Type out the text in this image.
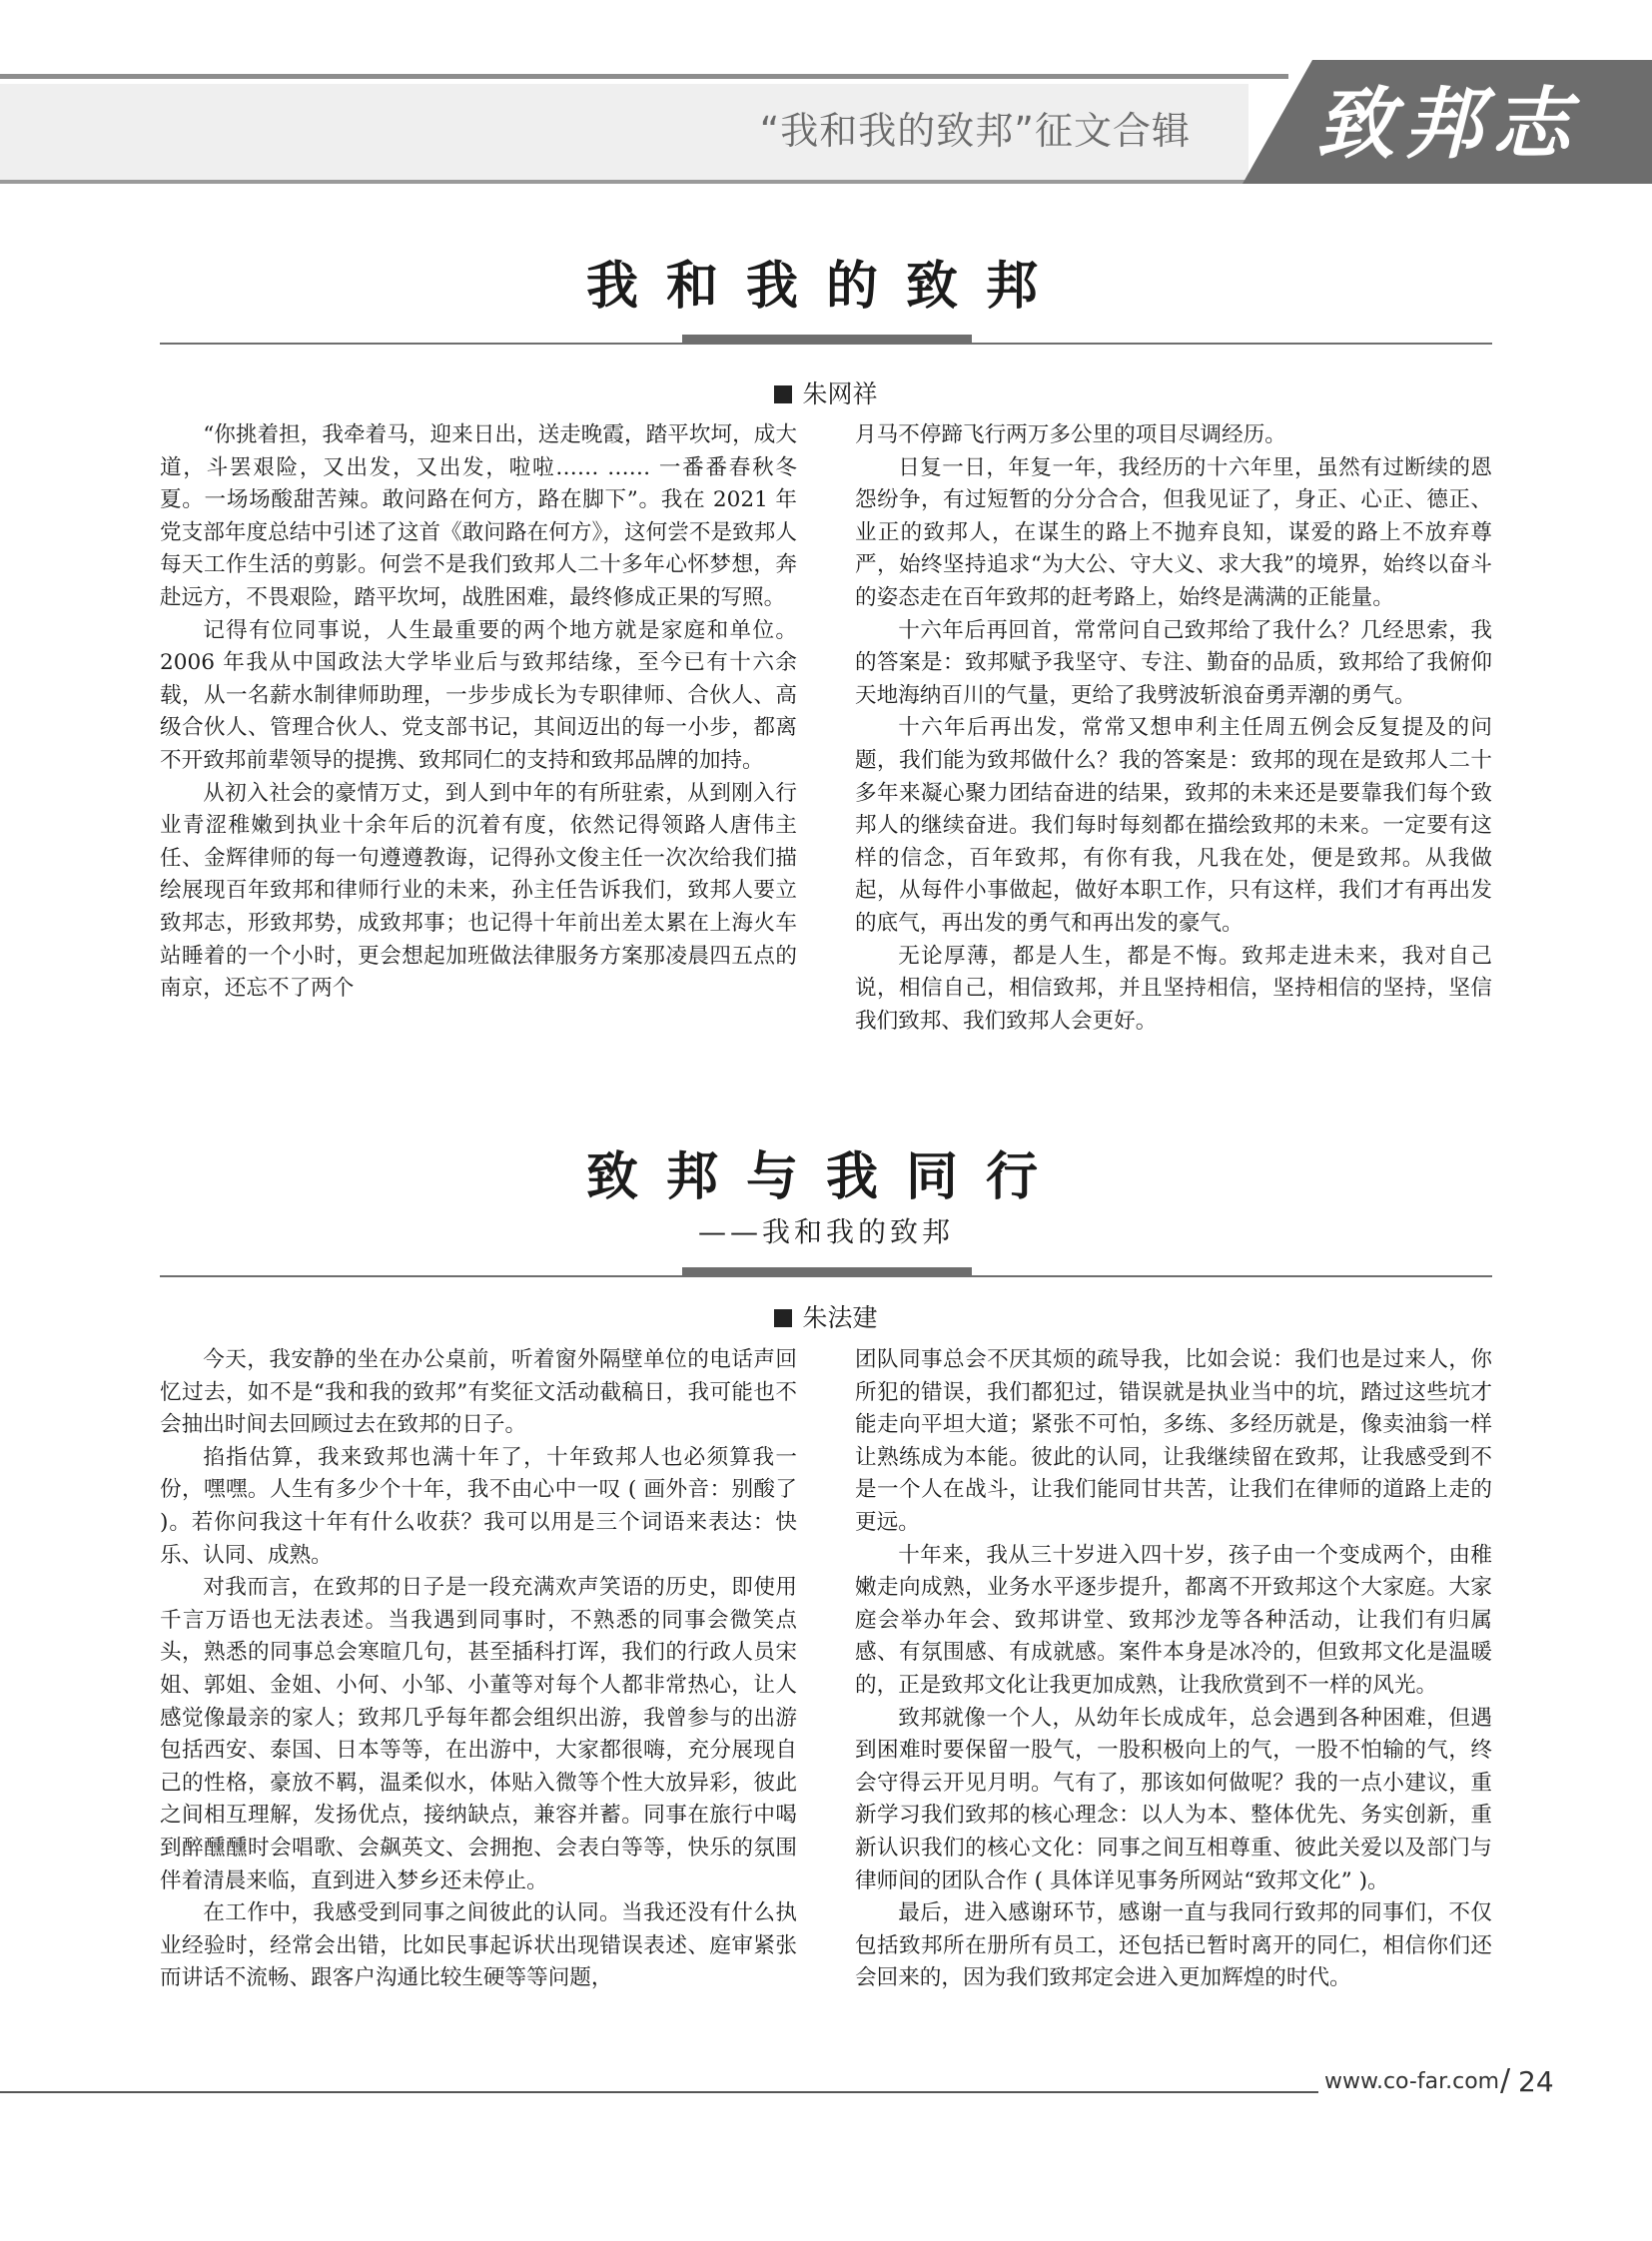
“我和我的致邦”征文合辑 致邦志
我和我的致邦
朱网祥

“你挑着担，我牵着马，迎来日出，送走晚霞，踏平坎坷，成大道，斗罢艰险，又出发，又出发，啦啦…… …… 一番番春秋冬夏。一场场酸甜苦辣。敢问路在何方，路在脚下”。我在 2021 年党支部年度总结中引述了这首《敢问路在何方》，这何尝不是致邦人每天工作生活的剪影。何尝不是我们致邦人二十多年心怀梦想，奔赴远方，不畏艰险，踏平坎坷，战胜困难，最终修成正果的写照。

记得有位同事说，人生最重要的两个地方就是家庭和单位。2006 年我从中国政法大学毕业后与致邦结缘，至今已有十六余载，从一名薪水制律师助理，一步步成长为专职律师、合伙人、高级合伙人、管理合伙人、党支部书记，其间迈出的每一小步，都离不开致邦前辈领导的提携、致邦同仁的支持和致邦品牌的加持。

从初入社会的豪情万丈，到人到中年的有所驻索，从到刚入行业青涩稚嫩到执业十余年后的沉着有度，依然记得领路人唐伟主任、金辉律师的每一句遵遵教诲，记得孙文俊主任一次次给我们描绘展现百年致邦和律师行业的未来，孙主任告诉我们，致邦人要立致邦志，形致邦势，成致邦事；也记得十年前出差太累在上海火车站睡着的一个小时，更会想起加班做法律服务方案那凌晨四五点的南京，还忘不了两个

月马不停蹄飞行两万多公里的项目尽调经历。

日复一日，年复一年，我经历的十六年里，虽然有过断续的恩怨纷争，有过短暂的分分合合，但我见证了，身正、心正、德正、业正的致邦人，在谋生的路上不抛弃良知，谋爱的路上不放弃尊严，始终坚持追求“为大公、守大义、求大我”的境界，始终以奋斗的姿态走在百年致邦的赶考路上，始终是满满的正能量。

十六年后再回首，常常问自己致邦给了我什么？几经思索，我的答案是：致邦赋予我坚守、专注、勤奋的品质，致邦给了我俯仰天地海纳百川的气量，更给了我劈波斩浪奋勇弄潮的勇气。

十六年后再出发，常常又想申利主任周五例会反复提及的问题，我们能为致邦做什么？我的答案是：致邦的现在是致邦人二十多年来凝心聚力团结奋进的结果，致邦的未来还是要靠我们每个致邦人的继续奋进。我们每时每刻都在描绘致邦的未来。一定要有这样的信念，百年致邦，有你有我，凡我在处，便是致邦。从我做起，从每件小事做起，做好本职工作，只有这样，我们才有再出发的底气，再出发的勇气和再出发的豪气。

无论厚薄，都是人生，都是不悔。致邦走进未来，我对自己说，相信自己，相信致邦，并且坚持相信，坚持相信的坚持，坚信我们致邦、我们致邦人会更好。

致邦与我同行
——我和我的致邦
朱法建

今天，我安静的坐在办公桌前，听着窗外隔壁单位的电话声回忆过去，如不是“我和我的致邦”有奖征文活动截稿日，我可能也不会抽出时间去回顾过去在致邦的日子。

掐指估算，我来致邦也满十年了，十年致邦人也必须算我一份，嘿嘿。人生有多少个十年，我不由心中一叹 ( 画外音：别酸了 )。若你问我这十年有什么收获？我可以用是三个词语来表达：快乐、认同、成熟。

对我而言，在致邦的日子是一段充满欢声笑语的历史，即使用千言万语也无法表述。当我遇到同事时，不熟悉的同事会微笑点头，熟悉的同事总会寒暄几句，甚至插科打诨，我们的行政人员宋姐、郭姐、金姐、小何、小邹、小董等对每个人都非常热心，让人感觉像最亲的家人；致邦几乎每年都会组织出游，我曾参与的出游包括西安、泰国、日本等等，在出游中，大家都很嗨，充分展现自己的性格，豪放不羁，温柔似水，体贴入微等个性大放异彩，彼此之间相互理解，发扬优点，接纳缺点，兼容并蓄。同事在旅行中喝到醉醺醺时会唱歌、会飙英文、会拥抱、会表白等等，快乐的氛围伴着清晨来临，直到进入梦乡还未停止。

在工作中，我感受到同事之间彼此的认同。当我还没有什么执业经验时，经常会出错，比如民事起诉状出现错误表述、庭审紧张而讲话不流畅、跟客户沟通比较生硬等等问题，

团队同事总会不厌其烦的疏导我，比如会说：我们也是过来人，你所犯的错误，我们都犯过，错误就是执业当中的坑，踏过这些坑才能走向平坦大道；紧张不可怕，多练、多经历就是，像卖油翁一样让熟练成为本能。彼此的认同，让我继续留在致邦，让我感受到不是一个人在战斗，让我们能同甘共苦，让我们在律师的道路上走的更远。

十年来，我从三十岁进入四十岁，孩子由一个变成两个，由稚嫩走向成熟，业务水平逐步提升，都离不开致邦这个大家庭。大家庭会举办年会、致邦讲堂、致邦沙龙等各种活动，让我们有归属感、有氛围感、有成就感。案件本身是冰冷的，但致邦文化是温暖的，正是致邦文化让我更加成熟，让我欣赏到不一样的风光。

致邦就像一个人，从幼年长成成年，总会遇到各种困难，但遇到困难时要保留一股气，一股积极向上的气，一股不怕输的气，终会守得云开见月明。气有了，那该如何做呢？我的一点小建议，重新学习我们致邦的核心理念：以人为本、整体优先、务实创新，重新认识我们的核心文化：同事之间互相尊重、彼此关爱以及部门与律师间的团队合作 ( 具体详见事务所网站“致邦文化” )。

最后，进入感谢环节，感谢一直与我同行致邦的同事们，不仅包括致邦所在册所有员工，还包括已暂时离开的同仁，相信你们还会回来的，因为我们致邦定会进入更加辉煌的时代。

www.co-far.com / 24
